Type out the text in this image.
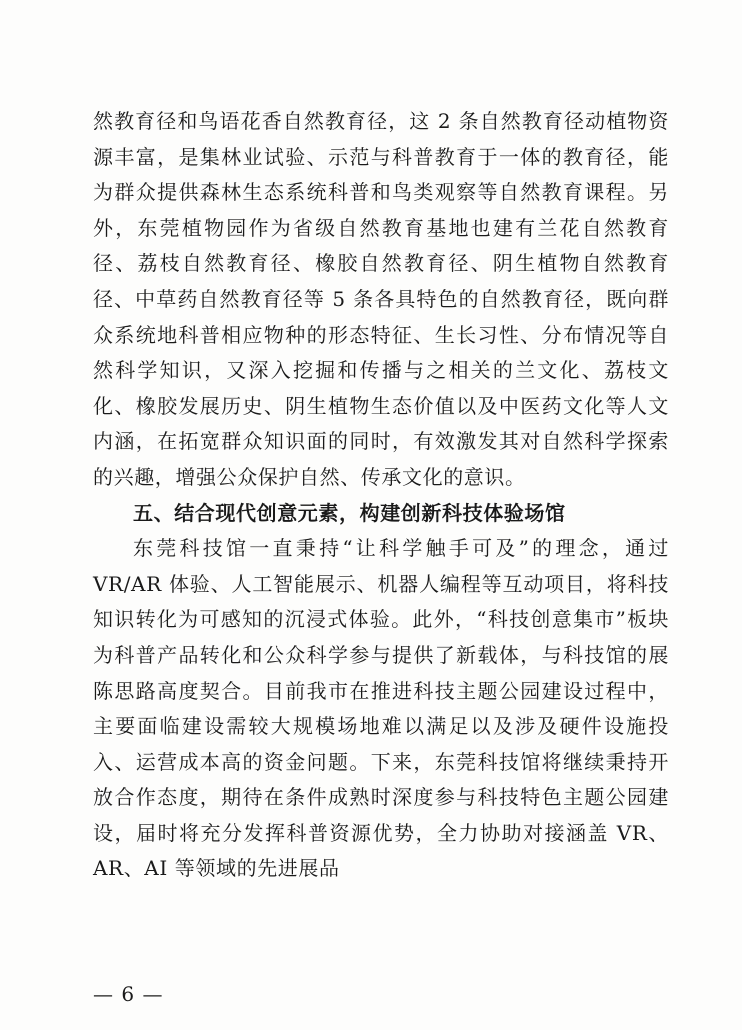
然教育径和鸟语花香自然教育径，这 2 条自然教育径动植物资源丰富，是集林业试验、示范与科普教育于一体的教育径，能为群众提供森林生态系统科普和鸟类观察等自然教育课程。另外，东莞植物园作为省级自然教育基地也建有兰花自然教育径、荔枝自然教育径、橡胶自然教育径、阴生植物自然教育径、中草药自然教育径等 5 条各具特色的自然教育径，既向群众系统地科普相应物种的形态特征、生长习性、分布情况等自然科学知识，又深入挖掘和传播与之相关的兰文化、荔枝文化、橡胶发展历史、阴生植物生态价值以及中医药文化等人文内涵，在拓宽群众知识面的同时，有效激发其对自然科学探索的兴趣，增强公众保护自然、传承文化的意识。

五、结合现代创意元素，构建创新科技体验场馆

东莞科技馆一直秉持“让科学触手可及”的理念，通过 VR/AR 体验、人工智能展示、机器人编程等互动项目，将科技知识转化为可感知的沉浸式体验。此外，“科技创意集市”板块为科普产品转化和公众科学参与提供了新载体，与科技馆的展陈思路高度契合。目前我市在推进科技主题公园建设过程中，主要面临建设需较大规模场地难以满足以及涉及硬件设施投入、运营成本高的资金问题。下来，东莞科技馆将继续秉持开放合作态度，期待在条件成熟时深度参与科技特色主题公园建设，届时将充分发挥科普资源优势，全力协助对接涵盖 VR、AR、AI 等领域的先进展品

— 6 —
